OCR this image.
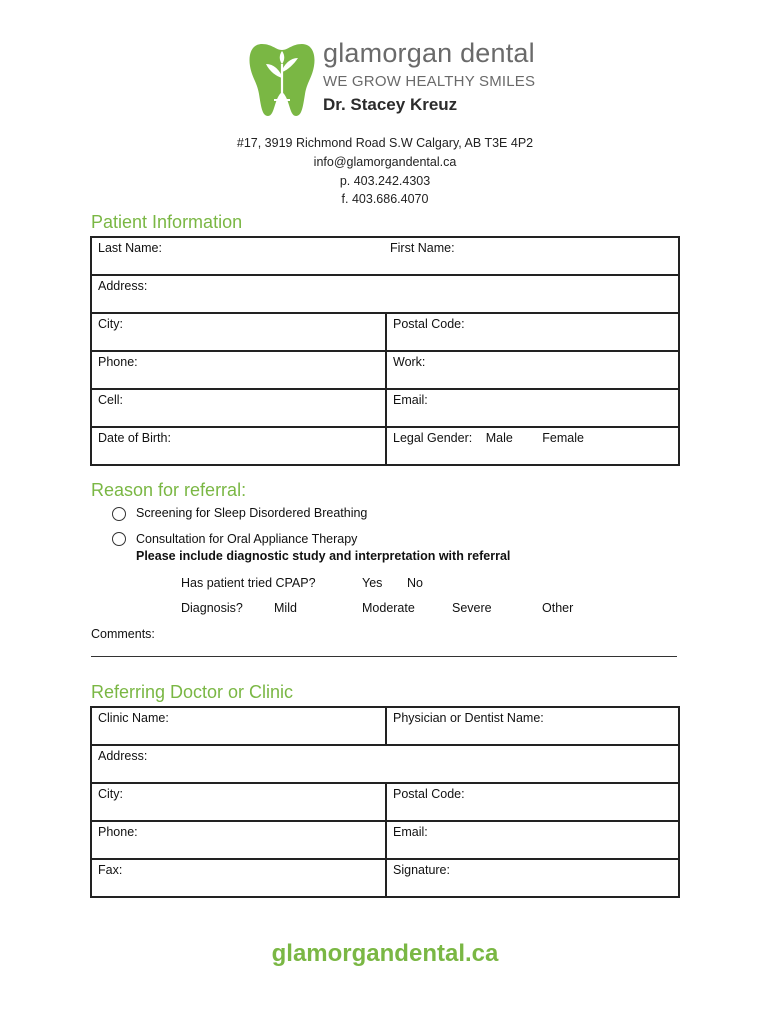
glamorgan dental
WE GROW HEALTHY SMILES
Dr. Stacey Kreuz
#17, 3919 Richmond Road S.W Calgary, AB T3E 4P2
info@glamorgandental.ca
p. 403.242.4303
f. 403.686.4070
Patient Information
Last Name: First Name:	

Address:	
City:	Postal Code:
Phone:	Work:
Cell:	Email:
Date of Birth:	Legal Gender: Male Female
Reason for referral:
Screening for Sleep Disordered Breathing
Consultation for Oral Appliance Therapy
Please include diagnostic study and interpretation with referral
Has patient tried CPAP?	Yes No
Diagnosis? Mild	Moderate	Severe	Other
Comments:
Referring Doctor or Clinic
Clinic Name:	Physician or Dentist Name:
Address:	
City:	Postal Code:
Phone:	Email:
Fax:	Signature:
glamorgandental.ca
